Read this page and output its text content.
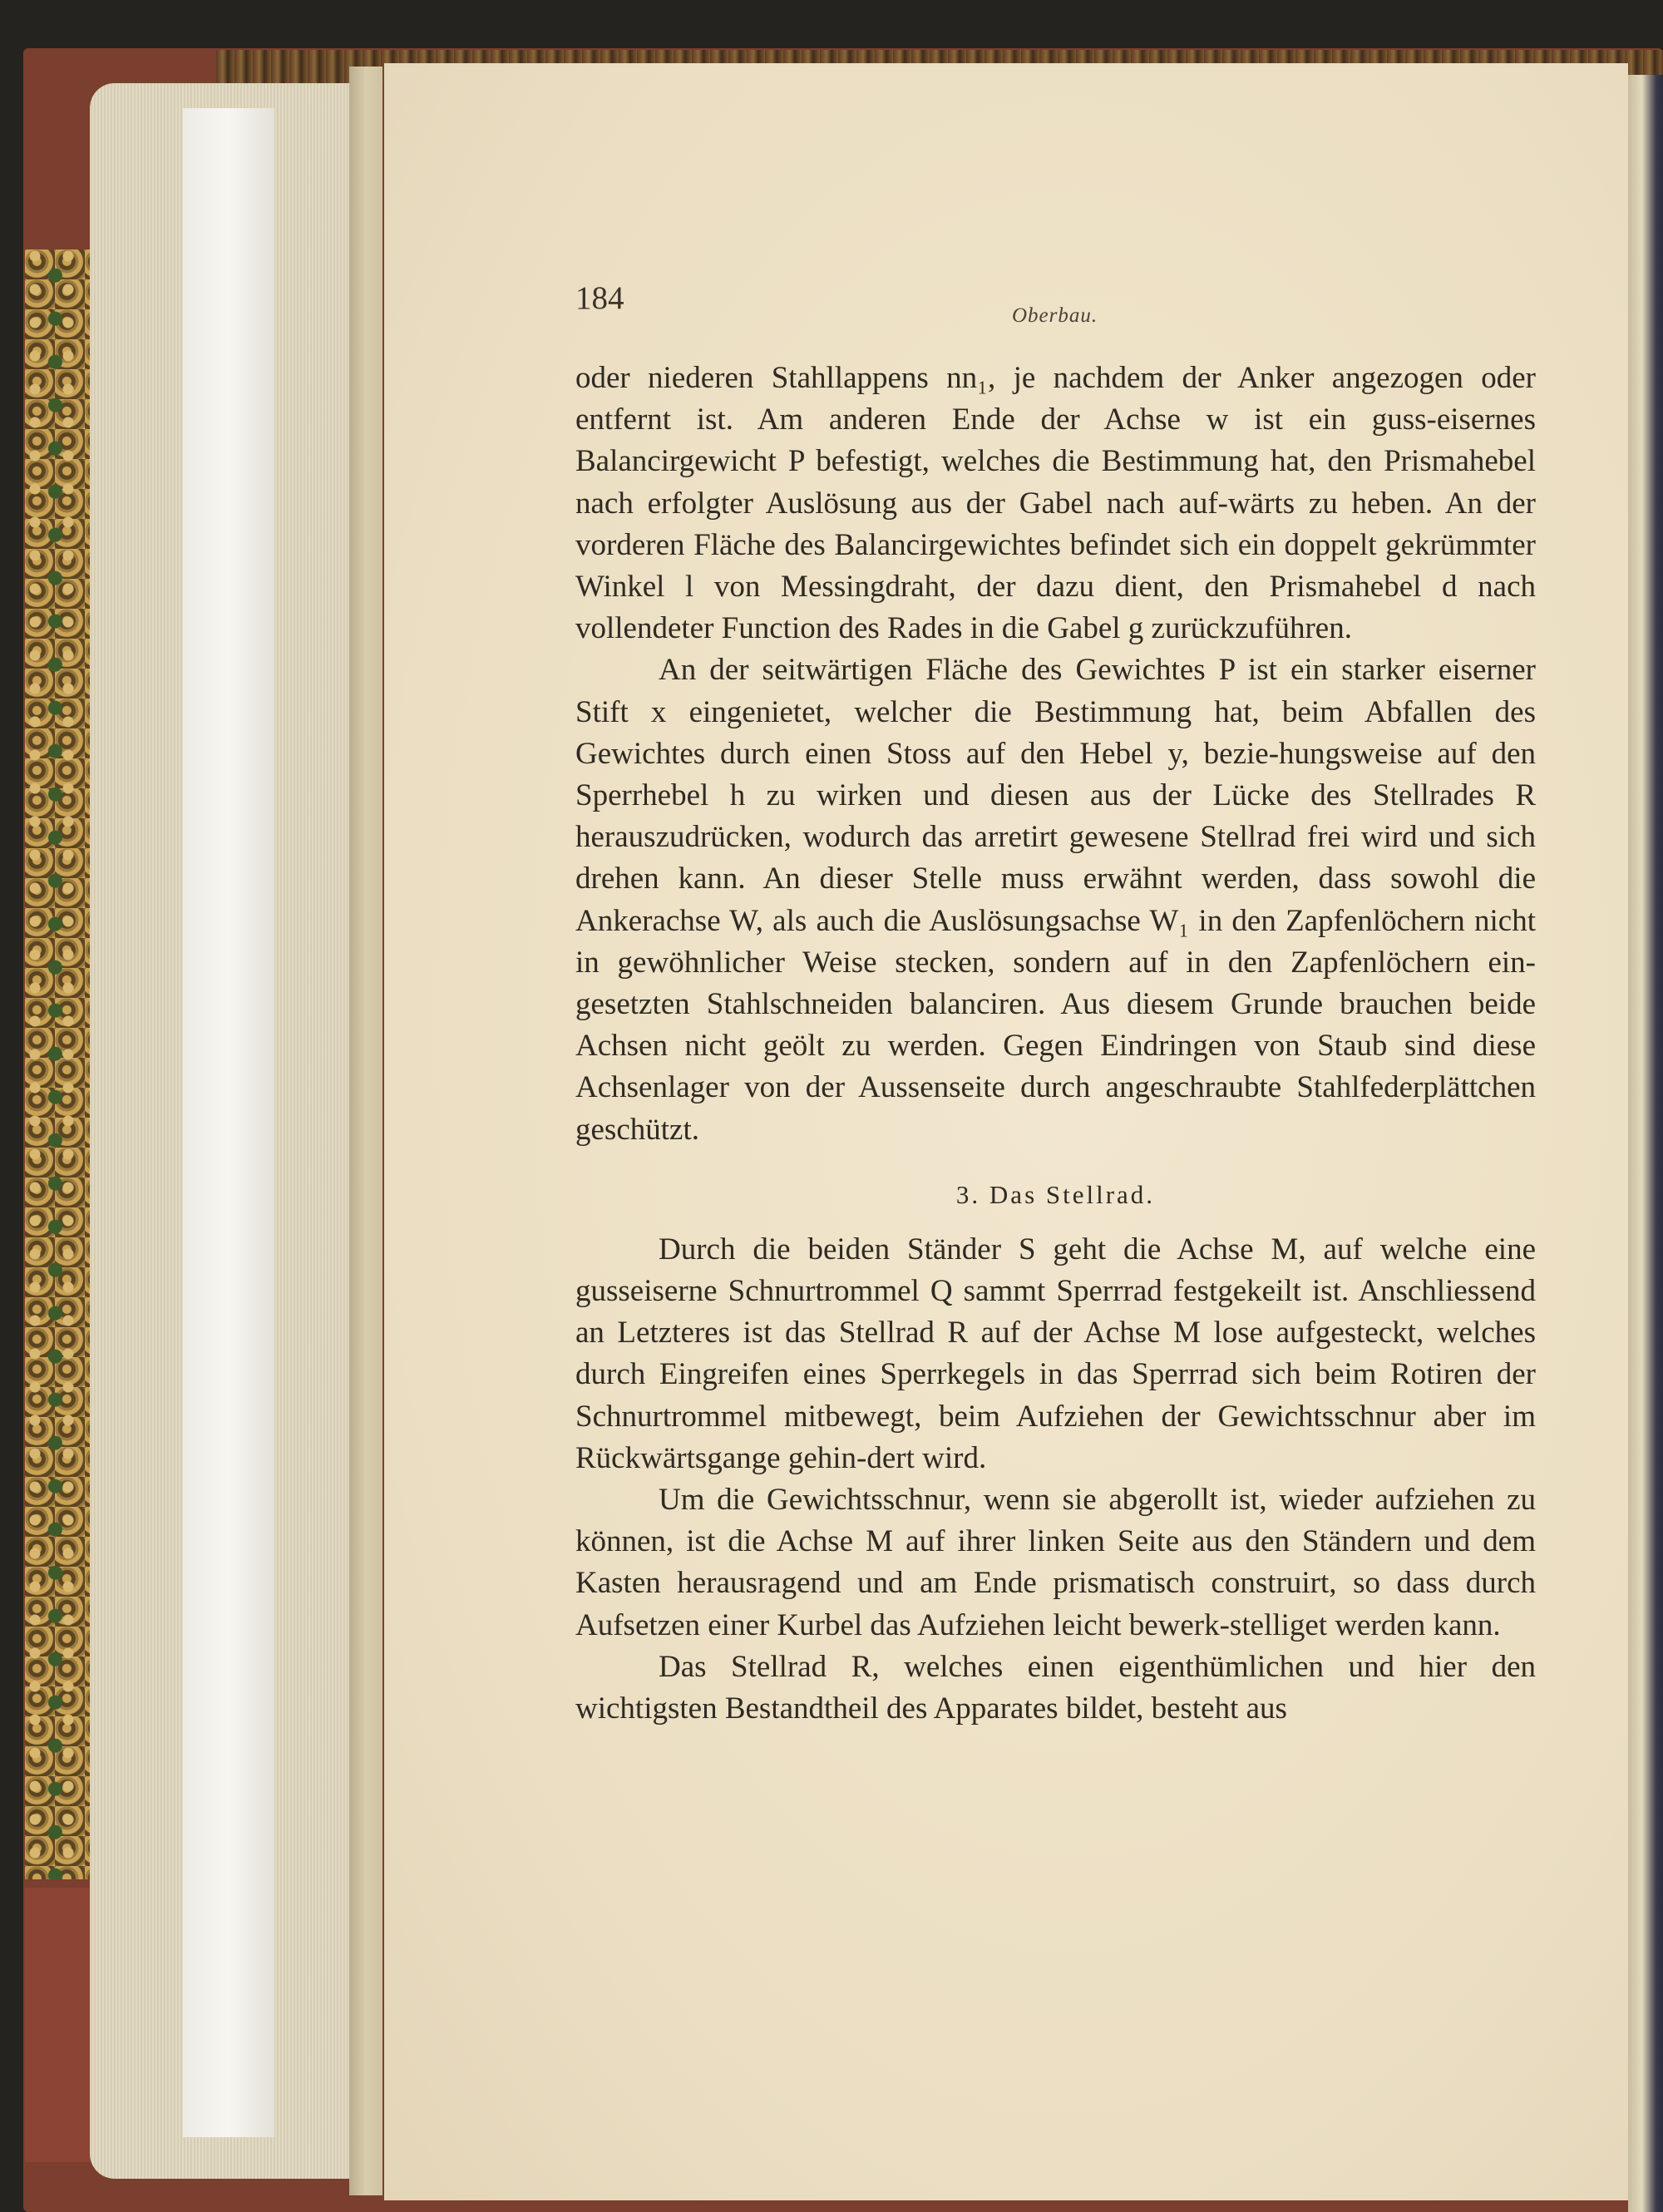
184	Oberbau.

oder niederen Stahllappens nn₁, je nachdem der Anker angezogen oder entfernt ist. Am anderen Ende der Achse w ist ein guss-eisernes Balancirgewicht P befestigt, welches die Bestimmung hat, den Prismahebel nach erfolgter Auslösung aus der Gabel nach auf-wärts zu heben. An der vorderen Fläche des Balancirgewichtes befindet sich ein doppelt gekrümmter Winkel l von Messingdraht, der dazu dient, den Prismahebel d nach vollendeter Function des Rades in die Gabel g zurückzuführen.

An der seitwärtigen Fläche des Gewichtes P ist ein starker eiserner Stift x eingenietet, welcher die Bestimmung hat, beim Abfallen des Gewichtes durch einen Stoss auf den Hebel y, bezie-hungsweise auf den Sperrhebel h zu wirken und diesen aus der Lücke des Stellrades R herauszudrücken, wodurch das arretirt gewesene Stellrad frei wird und sich drehen kann. An dieser Stelle muss erwähnt werden, dass sowohl die Ankerachse W, als auch die Auslösungsachse W₁ in den Zapfenlöchern nicht in gewöhnlicher Weise stecken, sondern auf in den Zapfenlöchern ein-gesetzten Stahlschneiden balanciren. Aus diesem Grunde brauchen beide Achsen nicht geölt zu werden. Gegen Eindringen von Staub sind diese Achsenlager von der Aussenseite durch angeschraubte Stahlfederplättchen geschützt.

3. Das Stellrad.

Durch die beiden Ständer S geht die Achse M, auf welche eine gusseiserne Schnurtrommel Q sammt Sperrrad festgekeilt ist. Anschliessend an Letzteres ist das Stellrad R auf der Achse M lose aufgesteckt, welches durch Eingreifen eines Sperrkegels in das Sperrrad sich beim Rotiren der Schnurtrommel mitbewegt, beim Aufziehen der Gewichtsschnur aber im Rückwärtsgange gehin-dert wird.

Um die Gewichtsschnur, wenn sie abgerollt ist, wieder aufziehen zu können, ist die Achse M auf ihrer linken Seite aus den Ständern und dem Kasten herausragend und am Ende prismatisch construirt, so dass durch Aufsetzen einer Kurbel das Aufziehen leicht bewerk-stelliget werden kann.

Das Stellrad R, welches einen eigenthümlichen und hier den wichtigsten Bestandtheil des Apparates bildet, besteht aus
